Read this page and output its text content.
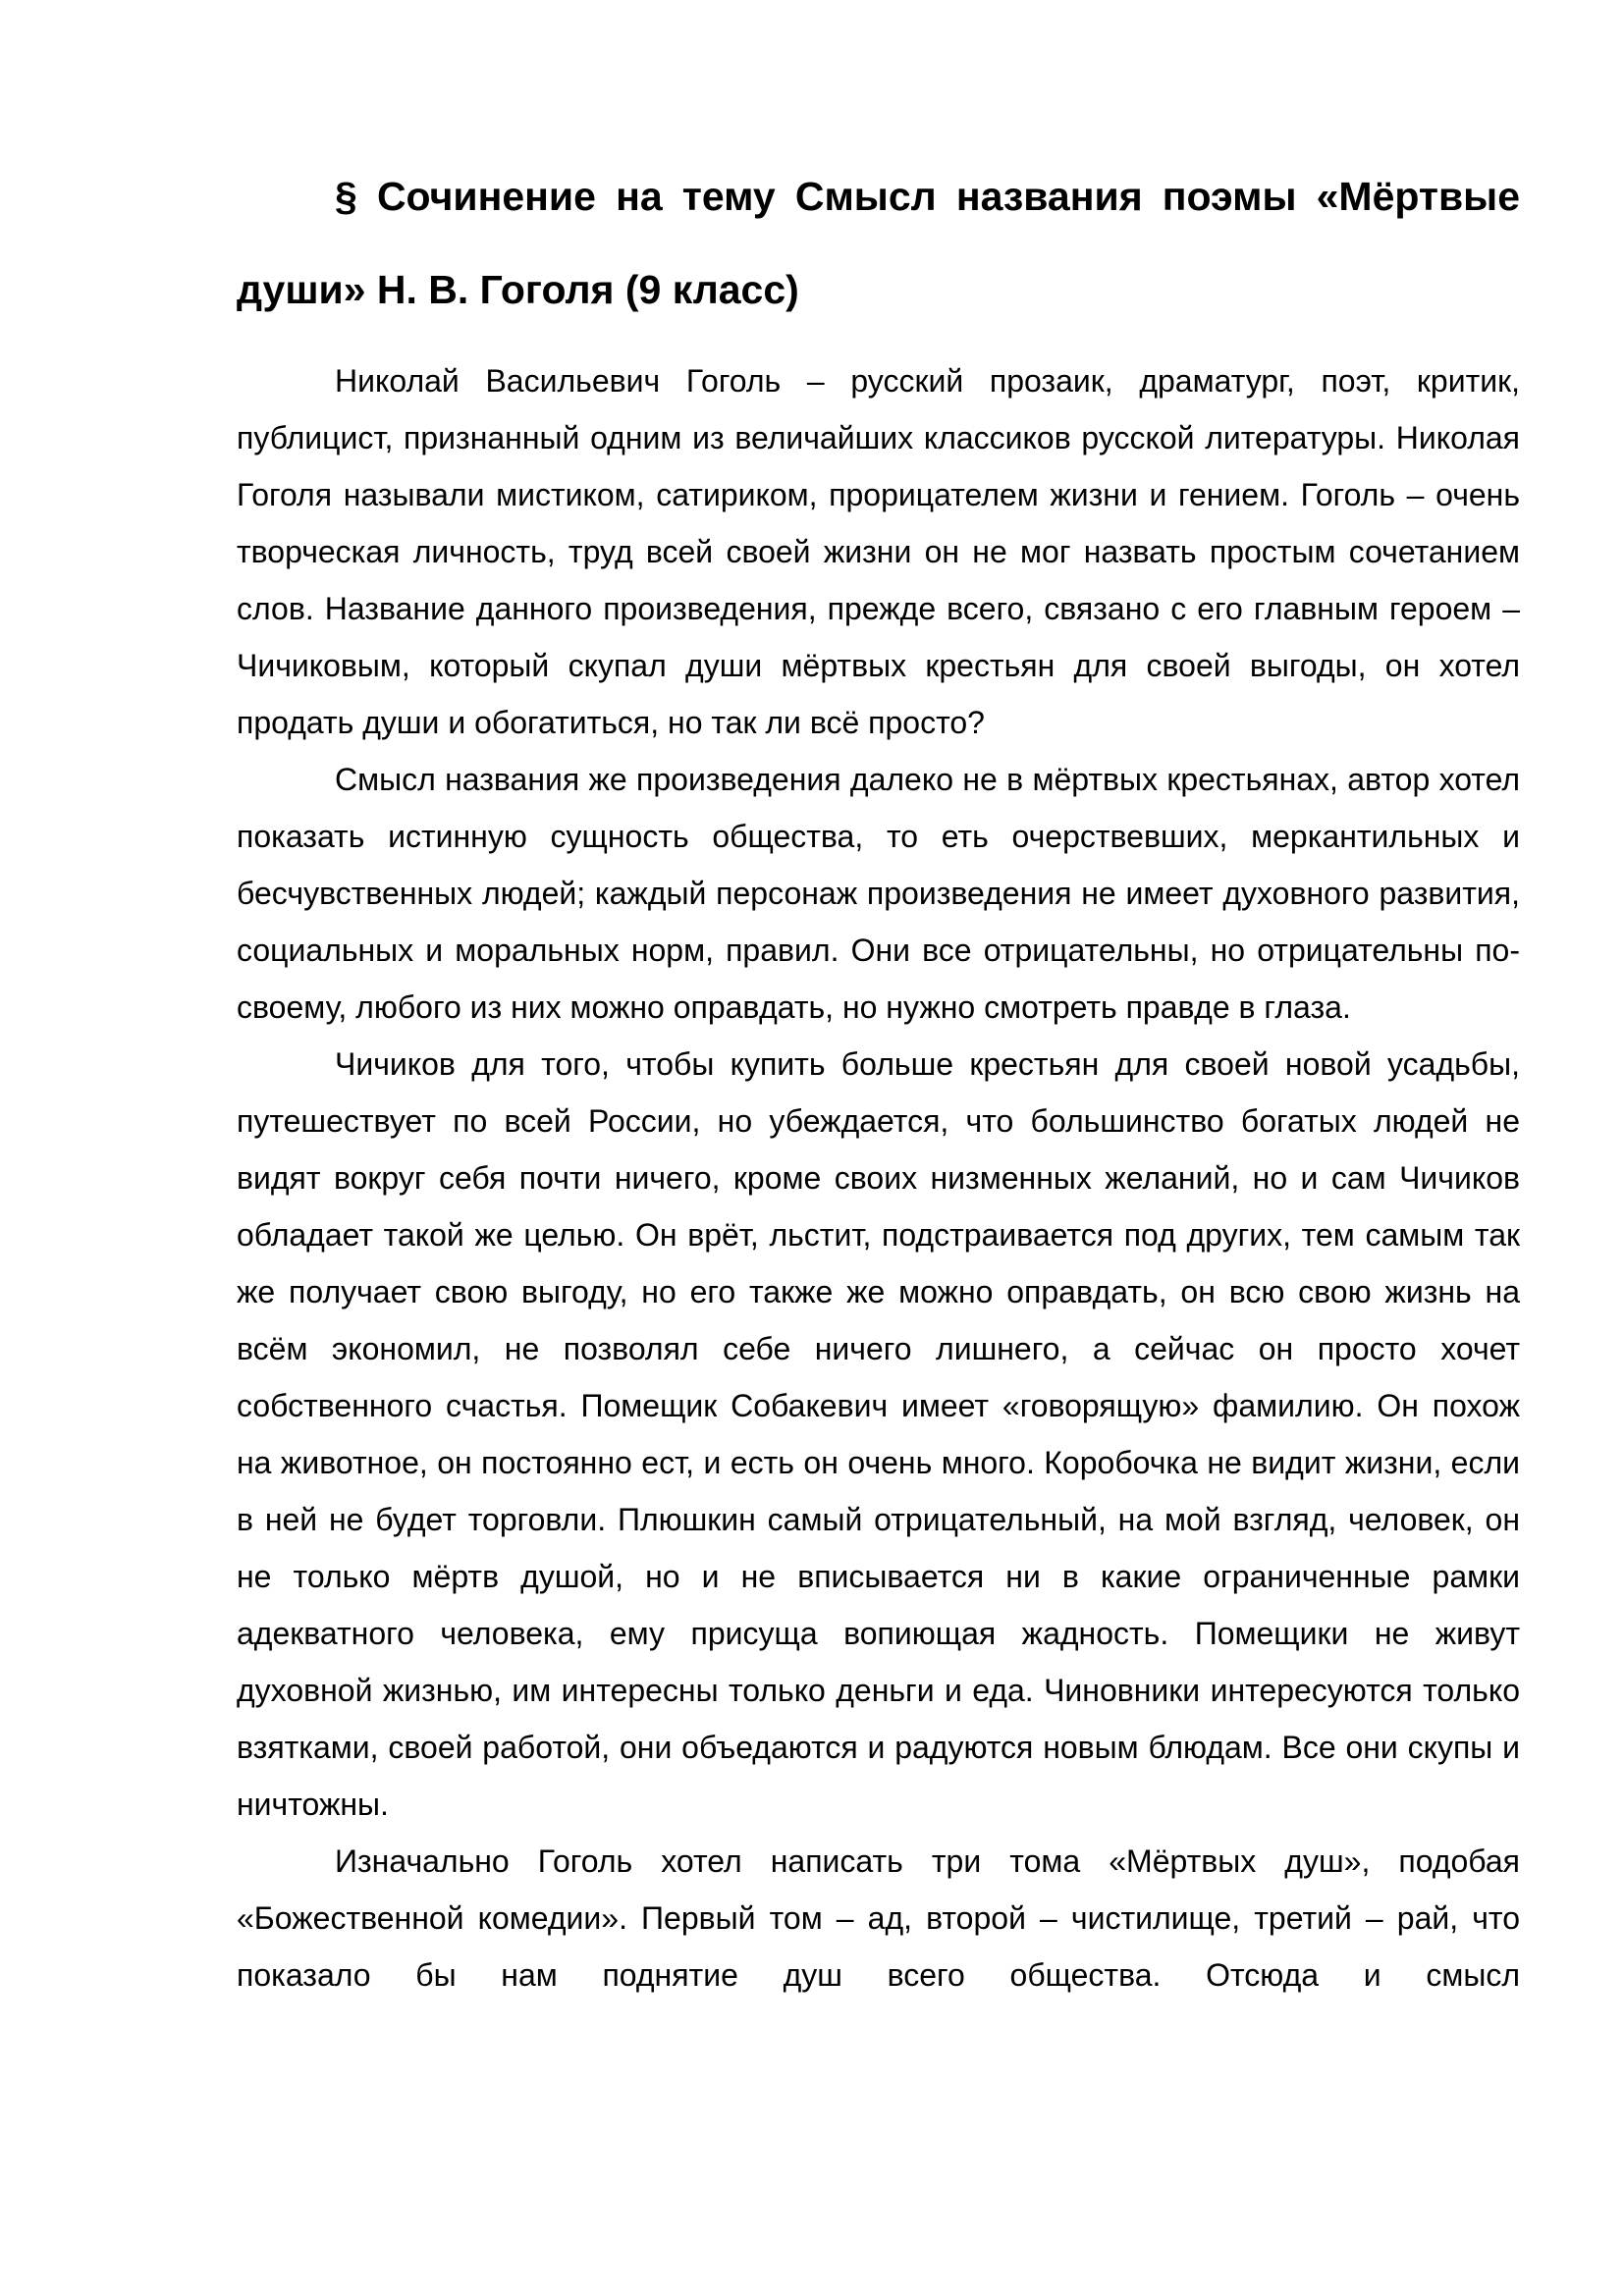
§ Сочинение на тему Смысл названия поэмы «Мёртвые души» Н. В. Гоголя (9 класс)

Николай Васильевич Гоголь – русский прозаик, драматург, поэт, критик, публицист, признанный одним из величайших классиков русской литературы. Николая Гоголя называли мистиком, сатириком, прорицателем жизни и гением. Гоголь – очень творческая личность, труд всей своей жизни он не мог назвать простым сочетанием слов. Название данного произведения, прежде всего, связано с его главным героем – Чичиковым, который скупал души мёртвых крестьян для своей выгоды, он хотел продать души и обогатиться, но так ли всё просто?

Смысл названия же произведения далеко не в мёртвых крестьянах, автор хотел показать истинную сущность общества, то еть очерствевших, меркантильных и бесчувственных людей; каждый персонаж произведения не имеет духовного развития, социальных и моральных норм, правил. Они все отрицательны, но отрицательны по-своему, любого из них можно оправдать, но нужно смотреть правде в глаза.

Чичиков для того, чтобы купить больше крестьян для своей новой усадьбы, путешествует по всей России, но убеждается, что большинство богатых людей не видят вокруг себя почти ничего, кроме своих низменных желаний, но и сам Чичиков обладает такой же целью. Он врёт, льстит, подстраивается под других, тем самым так же получает свою выгоду, но его также же можно оправдать, он всю свою жизнь на всём экономил, не позволял себе ничего лишнего, а сейчас он просто хочет собственного счастья. Помещик Собакевич имеет «говорящую» фамилию. Он похож на животное, он постоянно ест, и есть он очень много. Коробочка не видит жизни, если в ней не будет торговли. Плюшкин самый отрицательный, на мой взгляд, человек, он не только мёртв душой, но и не вписывается ни в какие ограниченные рамки адекватного человека, ему присуща вопиющая жадность. Помещики не живут духовной жизнью, им интересны только деньги и еда. Чиновники интересуются только взятками, своей работой, они объедаются и радуются новым блюдам. Все они скупы и ничтожны.

Изначально Гоголь хотел написать три тома «Мёртвых душ», подобая «Божественной комедии». Первый том – ад, второй – чистилище, третий – рай, что показало бы нам поднятие душ всего общества. Отсюда и смысл
